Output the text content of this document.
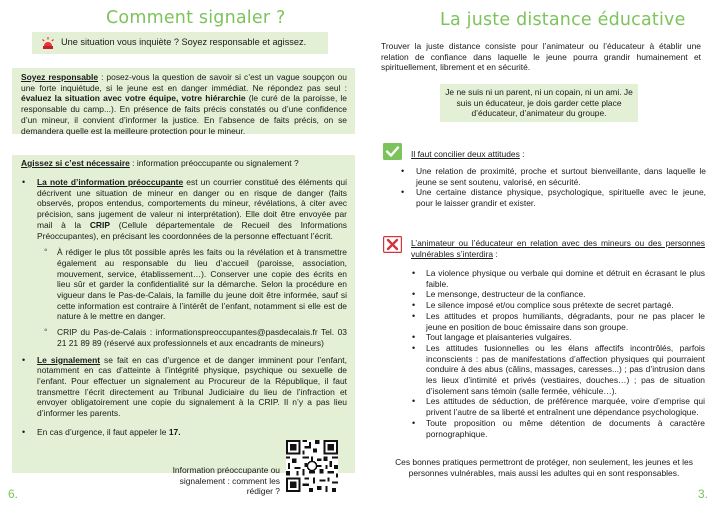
Comment signaler ?
Une situation vous inquiète ? Soyez responsable et agissez.

Soyez responsable : posez-vous la question de savoir si c’est un vague soupçon ou une forte inquiétude, si le jeune est en danger immédiat. Ne répondez pas seul : évaluez la situation avec votre équipe, votre hiérarchie (le curé de la paroisse, le responsable du camp...). En présence de faits précis constatés ou d’une confidence d’un mineur, il convient d’informer la justice. En l’absence de faits précis, on se demandera quelle est la meilleure protection pour le mineur.

Agissez si c’est nécessaire : information préoccupante ou signalement ?

• La note d’information préoccupante est un courrier constitué des éléments qui décrivent une situation de mineur en danger ou en risque de danger (faits observés, propos entendus, comportements du mineur, révélations, à citer avec précision, sans jugement de valeur ni interprétation). Elle doit être envoyée par mail à la CRIP (Cellule départementale de Recueil des Informations Préoccupantes), en précisant les coordonnées de la personne effectuant l’écrit.
◦ À rédiger le plus tôt possible après les faits ou la révélation et à transmettre également au responsable du lieu d’accueil (paroisse, association, mouvement, service, établissement…). Conserver une copie des écrits en lieu sûr et garder la confidentialité sur la démarche. Selon la procédure en vigueur dans le Pas-de-Calais, la famille du jeune doit être informée, sauf si cette information est contraire à l’intérêt de l’enfant, notamment si elle est de nature à le mettre en danger.
◦ CRIP du Pas-de-Calais : informationspreoccupantes@pasdecalais.fr Tel. 03 21 21 89 89 (réservé aux professionnels et aux encadrants de mineurs)
• Le signalement se fait en cas d’urgence et de danger imminent pour l’enfant, notamment en cas d’atteinte à l’intégrité physique, psychique ou sexuelle de l’enfant. Pour effectuer un signalement au Procureur de la République, il faut transmettre l’écrit directement au Tribunal Judiciaire du lieu de l’infraction et envoyer obligatoirement une copie du signalement à la CRIP. Il n’y a pas lieu d’informer les parents.
• En cas d’urgence, il faut appeler le 17.

Information préoccupante ou signalement : comment les rédiger ?

6.
La juste distance éducative

Trouver la juste distance consiste pour l’animateur ou l’éducateur à établir une relation de confiance dans laquelle le jeune pourra grandir humainement et spirituellement, librement et en sécurité.

Je ne suis ni un parent, ni un copain, ni un ami. Je suis un éducateur, je dois garder cette place d’éducateur, d’animateur du groupe.

Il faut concilier deux attitudes :

• Une relation de proximité, proche et surtout bienveillante, dans laquelle le jeune se sent soutenu, valorisé, en sécurité.
• Une certaine distance physique, psychologique, spirituelle avec le jeune, pour le laisser grandir et exister.

L’animateur ou l’éducateur en relation avec des mineurs ou des personnes vulnérables s’interdira :

• La violence physique ou verbale qui domine et détruit en écrasant le plus faible.
• Le mensonge, destructeur de la confiance.
• Le silence imposé et/ou complice sous prétexte de secret partagé.
• Les attitudes et propos humiliants, dégradants, pour ne pas placer le jeune en position de bouc émissaire dans son groupe.
• Tout langage et plaisanteries vulgaires.
• Les attitudes fusionnelles ou les élans affectifs incontrôlés, parfois inconscients : pas de manifestations d’affection physiques qui pourraient conduire à des abus (câlins, massages, caresses...) ; pas d’intrusion dans les lieux d’intimité et privés (vestiaires, douches…) ; pas de situation d’isolement sans témoin (salle fermée, véhicule…).
• Les attitudes de séduction, de préférence marquée, voire d’emprise qui privent l’autre de sa liberté et entraînent une dépendance psychologique.
• Toute proposition ou même détention de documents à caractère pornographique.

Ces bonnes pratiques permettront de protéger, non seulement, les jeunes et les personnes vulnérables, mais aussi les adultes qui en sont responsables.

3.
